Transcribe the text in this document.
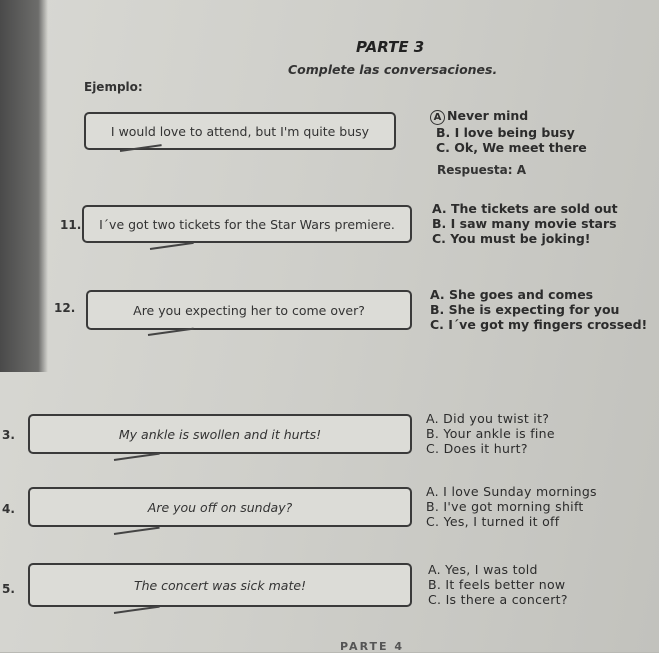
PARTE 3
Complete las conversaciones.
Ejemplo:
I would love to attend, but I'm quite busy
A Never mind
B. I love being busy
C. Ok, We meet there
Respuesta: A
11. I´ve got two tickets for the Star Wars premiere.
A. The tickets are sold out
B. I saw many movie stars
C. You must be joking!
12.	Are you expecting her to come over?
A. She goes and comes
B. She is expecting for you
C. I´ve got my fingers crossed!
3.	My ankle is swollen and it hurts!
A. Did you twist it?
B. Your ankle is fine
C. Does it hurt?
4.	Are you off on sunday?
A. I love Sunday mornings
B. I've got morning shift
C. Yes, I turned it off
5.	The concert was sick mate!
A. Yes, I was told
B. It feels better now
C. Is there a concert?
PARTE 4
